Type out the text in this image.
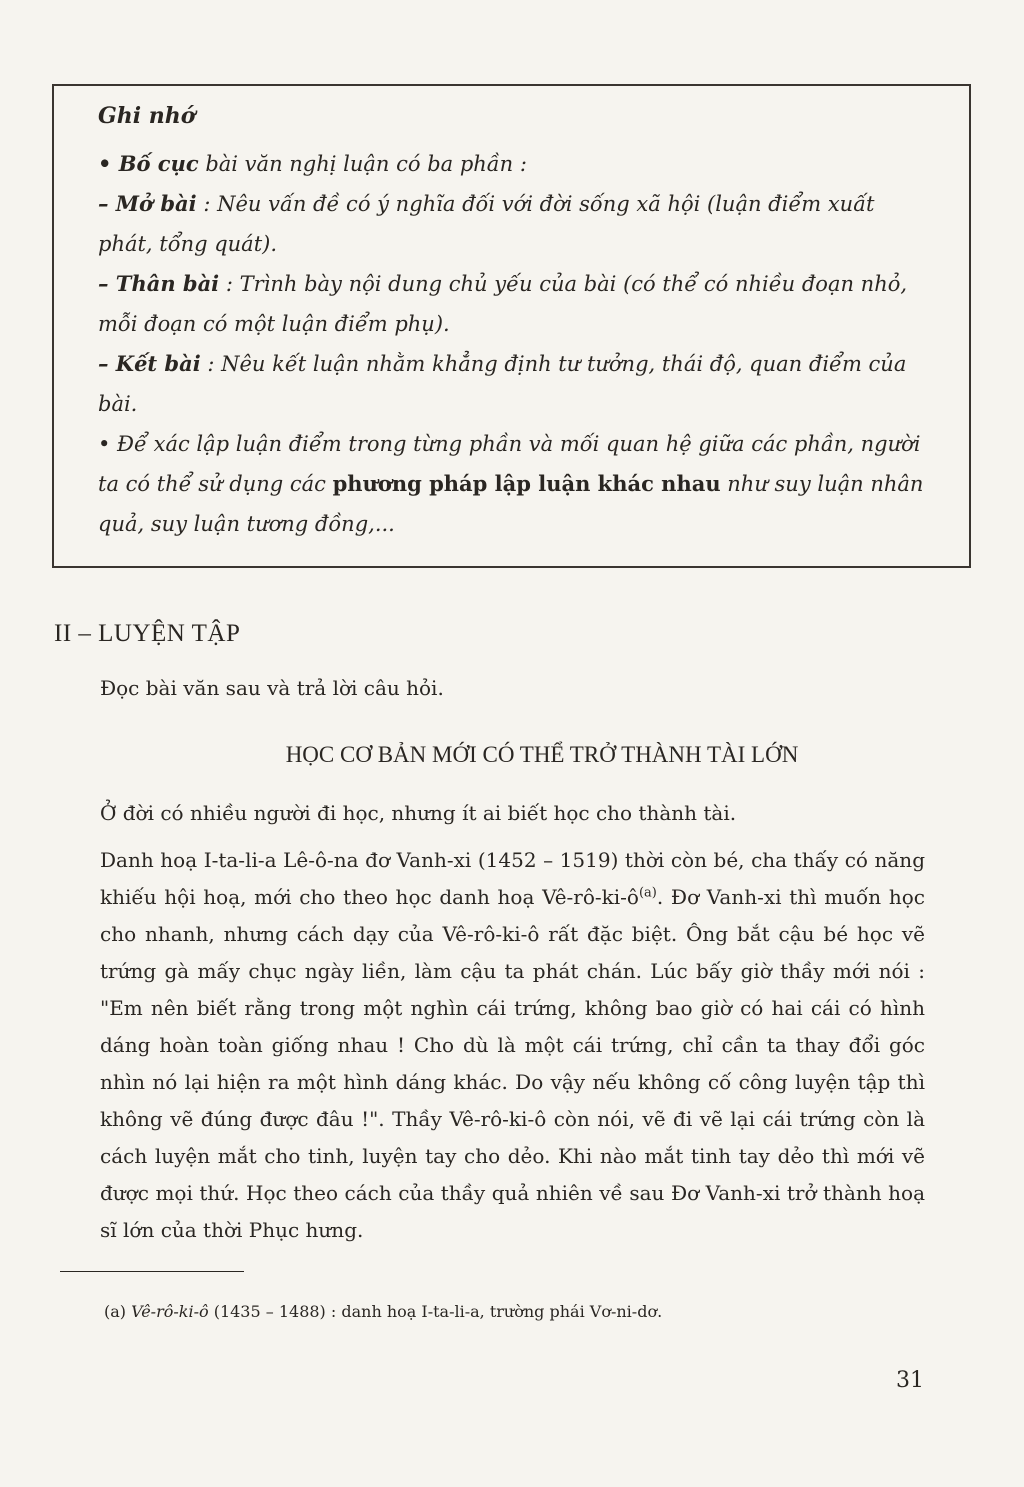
Ghi nhớ

• Bố cục bài văn nghị luận có ba phần :

– Mở bài : Nêu vấn đề có ý nghĩa đối với đời sống xã hội (luận điểm xuất phát, tổng quát).

– Thân bài : Trình bày nội dung chủ yếu của bài (có thể có nhiều đoạn nhỏ, mỗi đoạn có một luận điểm phụ).

– Kết bài : Nêu kết luận nhằm khẳng định tư tưởng, thái độ, quan điểm của bài.

• Để xác lập luận điểm trong từng phần và mối quan hệ giữa các phần, người ta có thể sử dụng các phương pháp lập luận khác nhau như suy luận nhân quả, suy luận tương đồng,...

II – LUYỆN TẬP
Đọc bài văn sau và trả lời câu hỏi.
HỌC CƠ BẢN MỚI CÓ THỂ TRỞ THÀNH TÀI LỚN

Ở đời có nhiều người đi học, nhưng ít ai biết học cho thành tài.

Danh hoạ I-ta-li-a Lê-ô-na đơ Vanh-xi (1452 – 1519) thời còn bé, cha thấy có năng khiếu hội hoạ, mới cho theo học danh hoạ $Vê-rô-ki-ô^{(a)}$. Đơ Vanh-xi thì muốn học cho nhanh, nhưng cách dạy của Vê-rô-ki-ô rất đặc biệt. Ông bắt cậu bé học vẽ trứng gà mấy chục ngày liền, làm cậu ta phát chán. Lúc bấy giờ thầy mới nói : "Em nên biết rằng trong một nghìn cái trứng, không bao giờ có hai cái có hình dáng hoàn toàn giống nhau ! Cho dù là một cái trứng, chỉ cần ta thay đổi góc nhìn nó lại hiện ra một hình dáng khác. Do vậy nếu không cố công luyện tập thì không vẽ đúng được đâu !". Thầy Vê-rô-ki-ô còn nói, vẽ đi vẽ lại cái trứng còn là cách luyện mắt cho tinh, luyện tay cho dẻo. Khi nào mắt tinh tay dẻo thì mới vẽ được mọi thứ. Học theo cách của thầy quả nhiên về sau Đơ Vanh-xi trở thành hoạ sĩ lớn của thời Phục hưng.

(a) Vê-rô-ki-ô (1435 – 1488) : danh hoạ I-ta-li-a, trường phái Vơ-ni-dơ.
31
